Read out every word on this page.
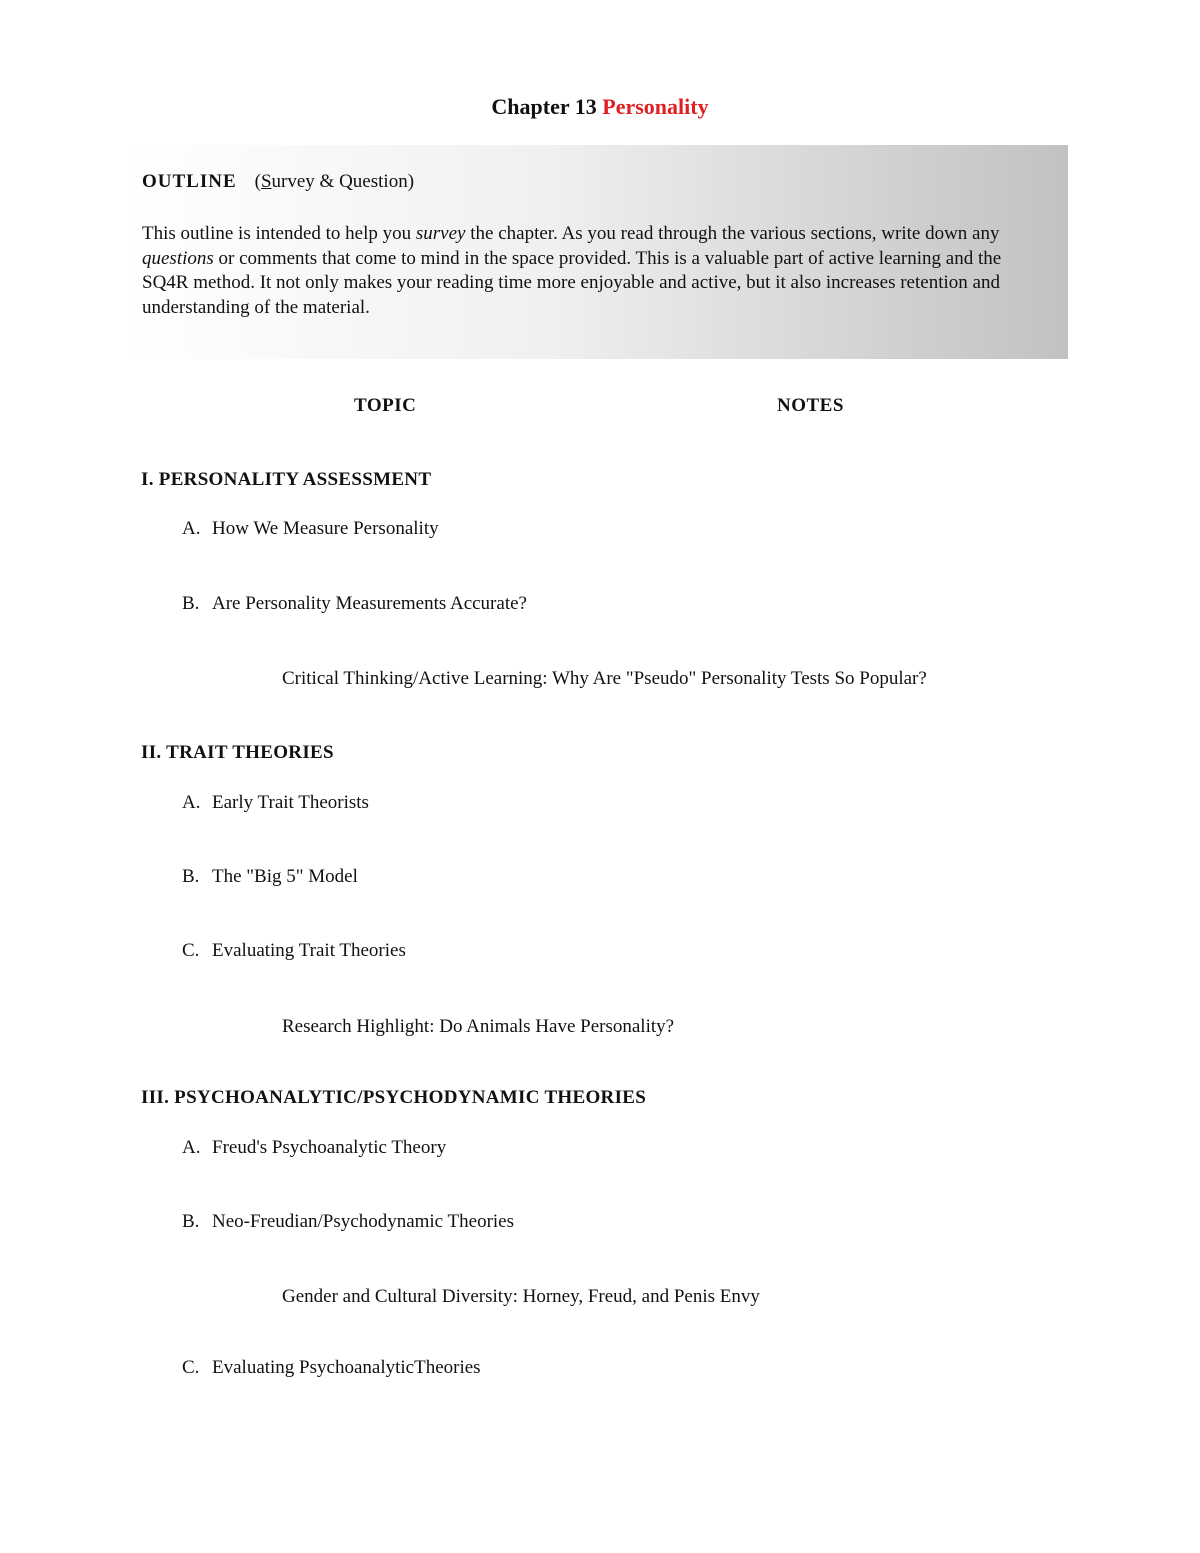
Chapter 13 Personality
OUTLINE (Survey & Question)
This outline is intended to help you survey the chapter. As you read through the various sections, write down any questions or comments that come to mind in the space provided. This is a valuable part of active learning and the SQ4R method. It not only makes your reading time more enjoyable and active, but it also increases retention and understanding of the material.
TOPIC	NOTES
I. PERSONALITY ASSESSMENT
A. How We Measure Personality
B. Are Personality Measurements Accurate?
Critical Thinking/Active Learning: Why Are "Pseudo" Personality Tests So Popular?
II. TRAIT THEORIES
A. Early Trait Theorists
B. The "Big 5" Model
C. Evaluating Trait Theories
Research Highlight: Do Animals Have Personality?
III. PSYCHOANALYTIC/PSYCHODYNAMIC THEORIES
A. Freud's Psychoanalytic Theory
B. Neo-Freudian/Psychodynamic Theories
Gender and Cultural Diversity: Horney, Freud, and Penis Envy
C. Evaluating PsychoanalyticTheories
